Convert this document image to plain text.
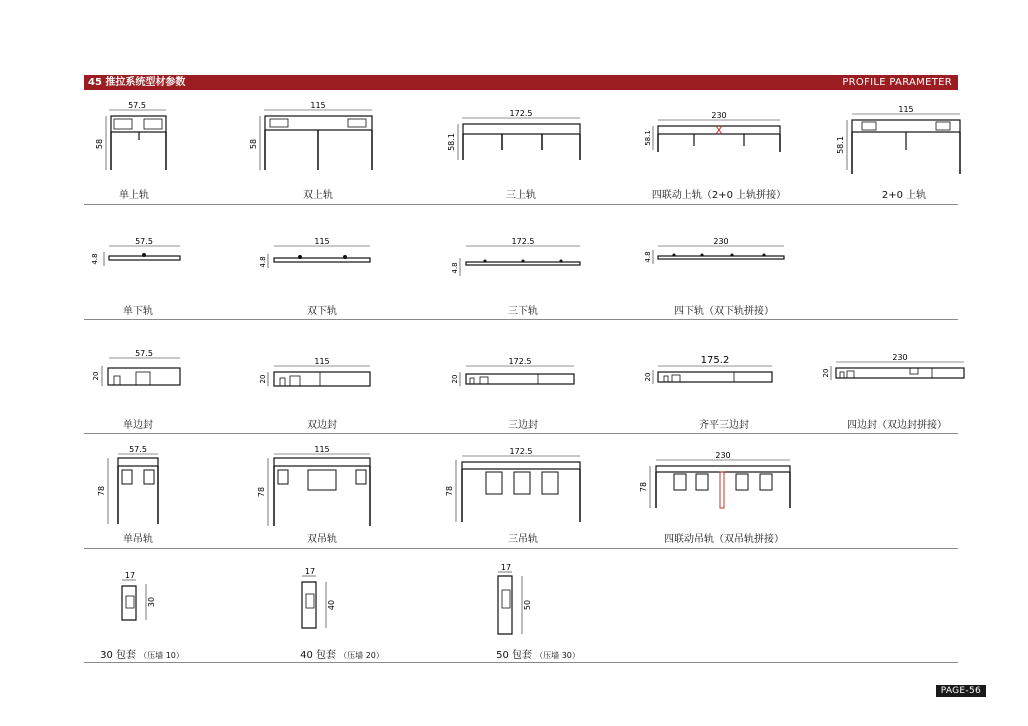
45 推拉系统型材参数	PROFILE PARAMETER
57.5
58
单上轨
115
58
双上轨
172.5
58.1
三上轨
230
58.1
四联动上轨（2+0 上轨拼接）
115
58.1
2+0 上轨
57.5
4.8
单下轨
115
4.8
双下轨
172.5
4.8
三下轨
230
4.8
四下轨（双下轨拼接）
57.5
20
单边封
115
20
双边封
172.5
20
三边封
175.2
20
齐平三边封
230
20
四边封（双边封拼接）
57.5
78
单吊轨
115
78
双吊轨
172.5
78
三吊轨
230
78
四联动吊轨（双吊轨拼接）
17
30
30 包套 （压墙 10）
17
40
40 包套 （压墙 20）
17
50
50 包套 （压墙 30）
PAGE-56
